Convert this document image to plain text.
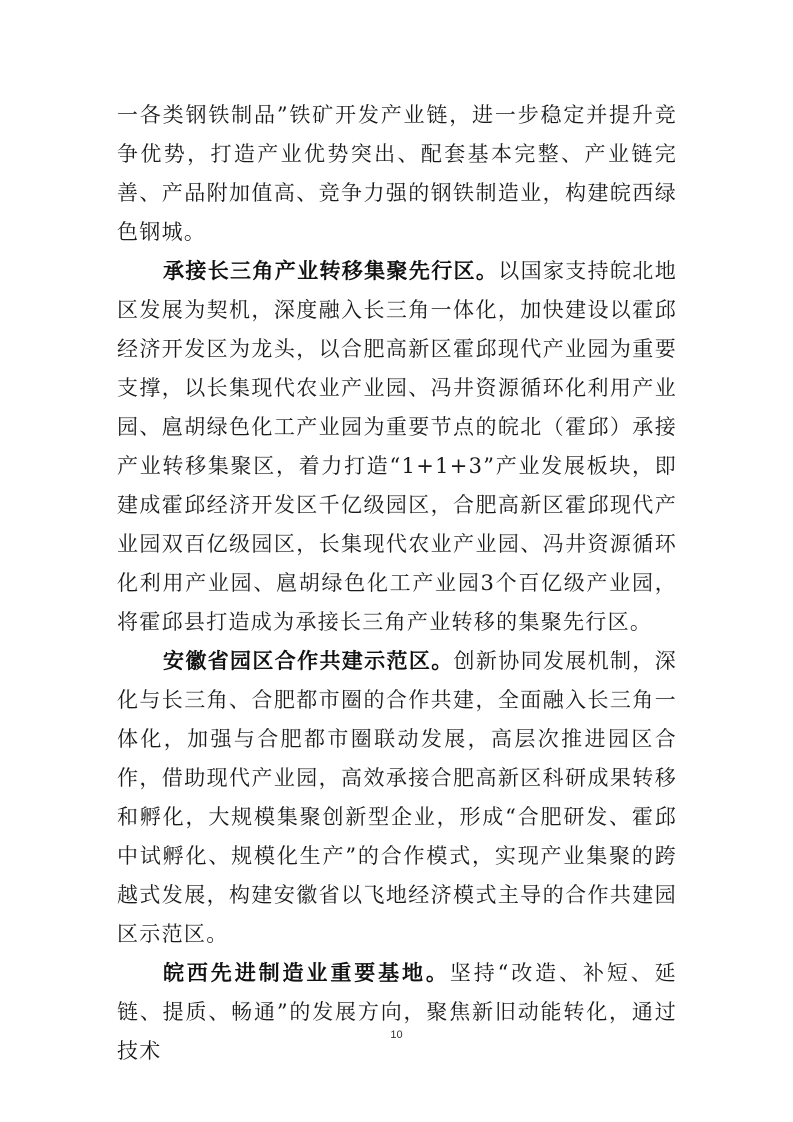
一各类钢铁制品”铁矿开发产业链，进一步稳定并提升竞争优势，打造产业优势突出、配套基本完整、产业链完善、产品附加值高、竞争力强的钢铁制造业，构建皖西绿色钢城。

承接长三角产业转移集聚先行区。以国家支持皖北地区发展为契机，深度融入长三角一体化，加快建设以霍邱经济开发区为龙头，以合肥高新区霍邱现代产业园为重要支撑，以长集现代农业产业园、冯井资源循环化利用产业园、扈胡绿色化工产业园为重要节点的皖北（霍邱）承接产业转移集聚区，着力打造“1+1+3”产业发展板块，即建成霍邱经济开发区千亿级园区，合肥高新区霍邱现代产业园双百亿级园区，长集现代农业产业园、冯井资源循环化利用产业园、扈胡绿色化工产业园3个百亿级产业园，将霍邱县打造成为承接长三角产业转移的集聚先行区。

安徽省园区合作共建示范区。创新协同发展机制，深化与长三角、合肥都市圈的合作共建，全面融入长三角一体化，加强与合肥都市圈联动发展，高层次推进园区合作，借助现代产业园，高效承接合肥高新区科研成果转移和孵化，大规模集聚创新型企业，形成“合肥研发、霍邱中试孵化、规模化生产”的合作模式，实现产业集聚的跨越式发展，构建安徽省以飞地经济模式主导的合作共建园区示范区。

皖西先进制造业重要基地。坚持“改造、补短、延链、提质、畅通”的发展方向，聚焦新旧动能转化，通过技术

10
